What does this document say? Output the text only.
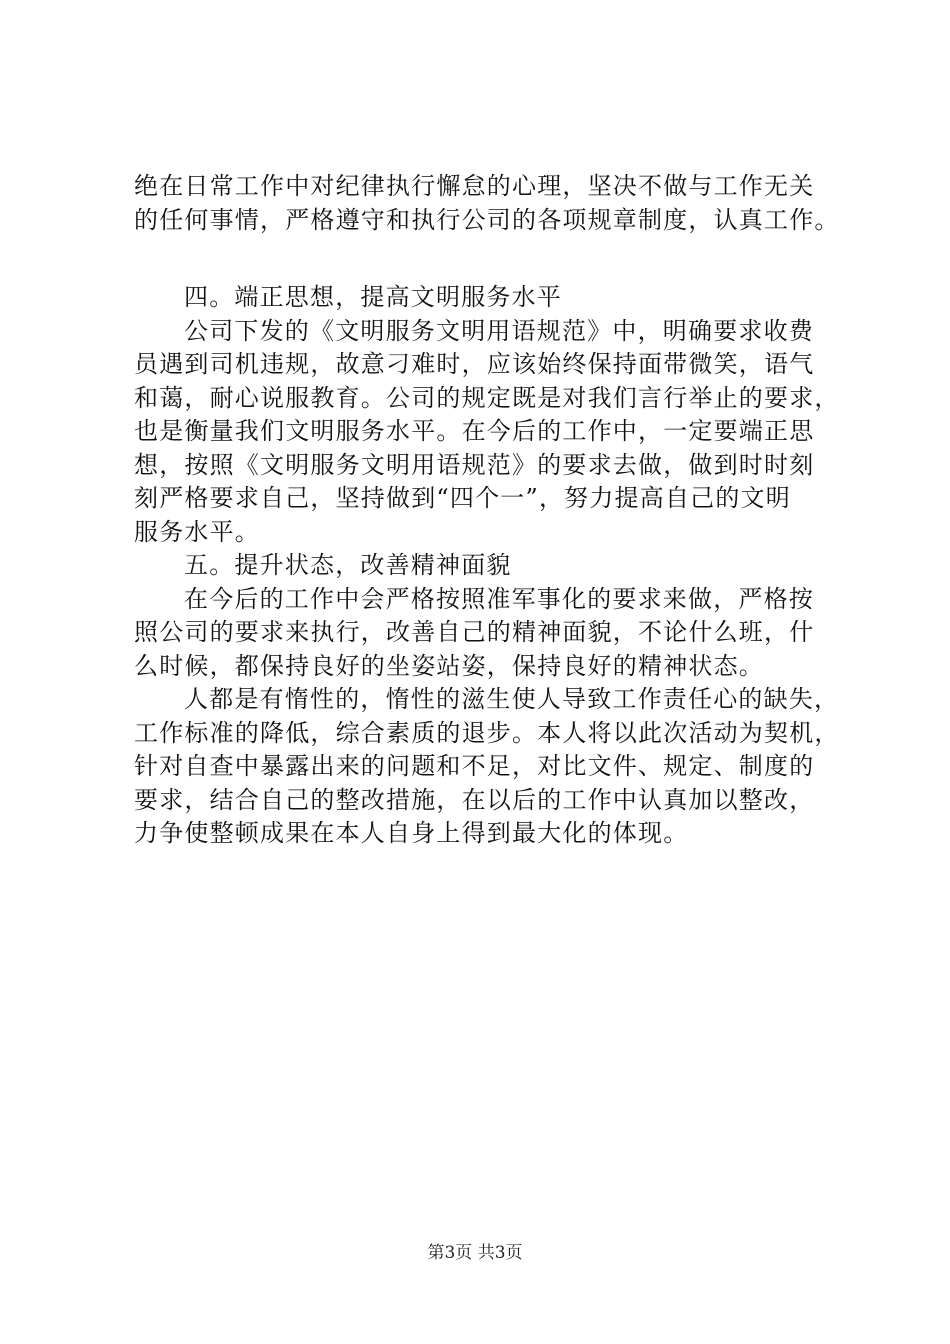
绝在日常工作中对纪律执行懈怠的心理，坚决不做与工作无关
的任何事情，严格遵守和执行公司的各项规章制度，认真工作。
四。端正思想，提高文明服务水平
公司下发的《文明服务文明用语规范》中，明确要求收费
员遇到司机违规，故意刁难时，应该始终保持面带微笑，语气
和蔼，耐心说服教育。公司的规定既是对我们言行举止的要求，
也是衡量我们文明服务水平。在今后的工作中，一定要端正思
想，按照《文明服务文明用语规范》的要求去做，做到时时刻
刻严格要求自己，坚持做到“四个一”，努力提高自己的文明
服务水平。
五。提升状态，改善精神面貌
在今后的工作中会严格按照准军事化的要求来做，严格按
照公司的要求来执行，改善自己的精神面貌，不论什么班，什
么时候，都保持良好的坐姿站姿，保持良好的精神状态。
人都是有惰性的，惰性的滋生使人导致工作责任心的缺失，
工作标准的降低，综合素质的退步。本人将以此次活动为契机，
针对自查中暴露出来的问题和不足，对比文件、规定、制度的
要求，结合自己的整改措施，在以后的工作中认真加以整改，
力争使整顿成果在本人自身上得到最大化的体现。
第3页 共3页
